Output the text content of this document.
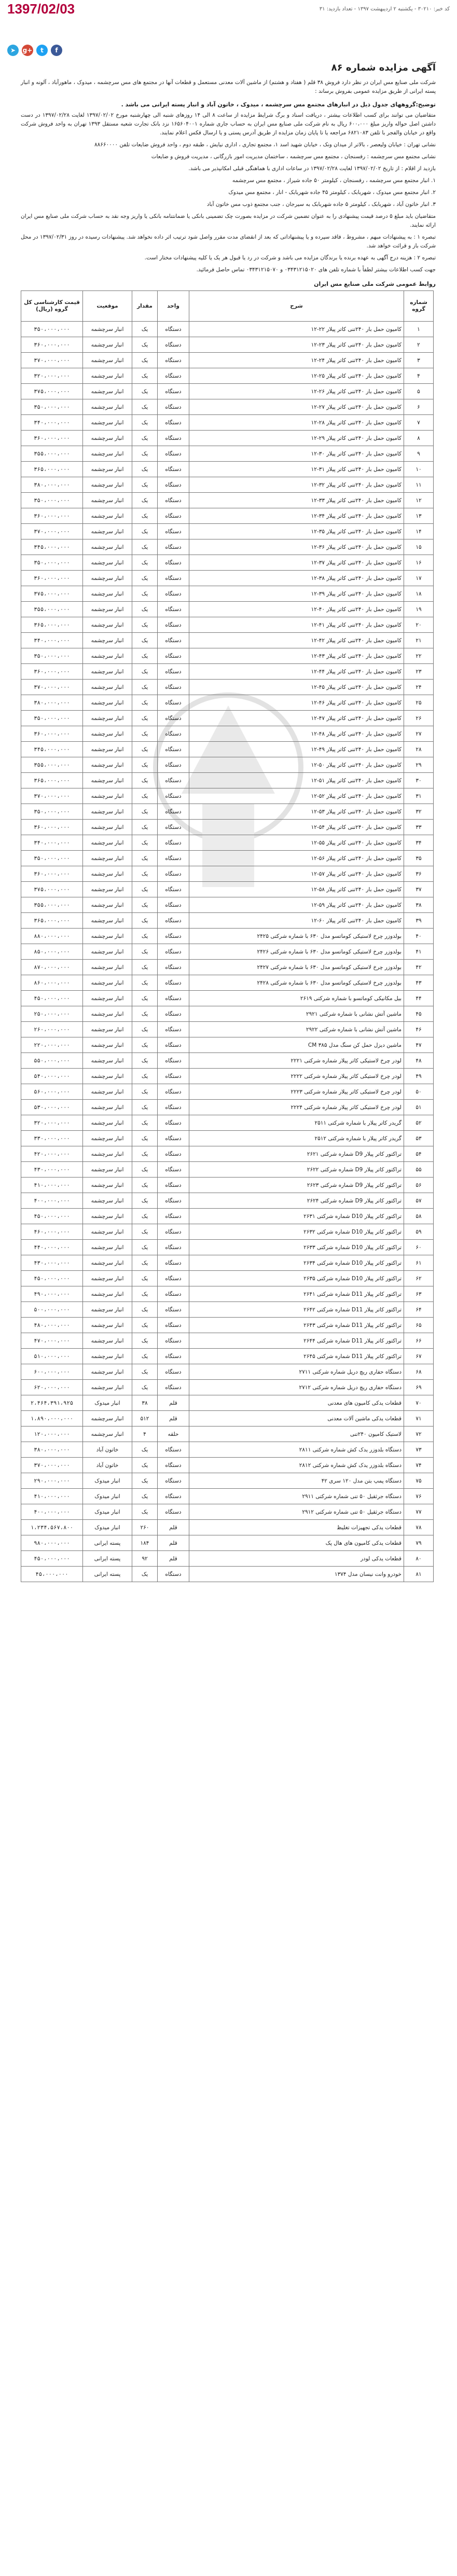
1397/02/03	کد خبر: ۳۰۲۱۰ - یکشنبه ۲ اردیبهشت ۱۳۹۷ - تعداد بازدید: ۳۱
➤	g+	t	f
آگهی مزایده شماره ۸۶

شرکت ملی صنایع مس ایران در نظر دارد فروش ۳۸ قلم ( هفتاد و هشتم) از ماشین آلات معدنی مستعمل و قطعات آنها در مجتمع های مس سرچشمه ، میدوک ، ماهورآباد ، آلونه و انبار پسته ایرانی از طریق مزایده عمومی بفروش برساند :

توضیح:گروههای جدول ذیل در انبارهای مجتمع مس سرچشمه ، میدوک ، خاتون آباد و انبار پسته ایرانی می باشد .

متقاضیان می توانند برای کسب اطلاعات بیشتر ، دریافت اسناد و برگ شرایط مزایده از ساعت ۸ الی ۱۴ روزهای شنبه الی چهارشنبه مورخ ۱۳۹۷/۰۲/۰۲ لغایت ۱۳۹۷/۰۲/۲۸ در دست داشتن اصل حواله واریز مبلغ ۶۰۰،۰۰۰ ریال به نام شرکت ملی صنایع مس ایران به حساب جاری شماره ۱۶۵۶۰۴۰۰۱ نزد بانک تجارت شعبه مستقل ۱۳۹۳ تهران به واحد فروش شرکت واقع در خیابان والفجر با تلفن ۶۸۲۱۰۸۳ مراجعه یا تا پایان زمان مزایده از طریق آدرس پستی و یا ارسال فکس اعلام نمایند.

نشانی تهران : خیابان ولیعصر ، بالاتر از میدان ونک ، خیابان شهید اسد ۱، مجتمع تجاری ، اداری نیایش ، طبقه دوم ، واحد فروش ضایعات تلفن ۸۸۶۶۰۰۰۰

نشانی مجتمع مس سرچشمه : رفسنجان ، مجتمع مس سرچشمه ، ساختمان مدیریت امور بازرگانی ، مدیریت فروش و ضایعات

بازدید از اقلام : از تاریخ ۱۳۹۷/۰۲/۰۲ لغایت ۱۳۹۷/۰۲/۲۸ در ساعات اداری با هماهنگی قبلی امکانپذیر می باشد.

۱. انبار مجتمع مس سرچشمه ، رفسنجان ، کیلومتر ۵۰ جاده شیراز ، مجتمع مس سرچشمه

۲. انبار مجتمع مس میدوک ، شهربابک ، کیلومتر ۴۵ جاده شهربابک - انار ، مجتمع مس میدوک

۳. انبار خاتون آباد ، شهربابک ، کیلومتر ۵ جاده شهربابک به سیرجان ، جنب مجتمع ذوب مس خاتون آباد

متقاضیان باید مبلغ ۵ درصد قیمت پیشنهادی را به عنوان تضمین شرکت در مزایده بصورت چک تضمینی بانکی یا ضمانتنامه بانکی یا واریز وجه نقد به حساب شرکت ملی صنایع مس ایران ارائه نمایند.

تبصره ۱ : به پیشنهادات مبهم ، مشروط ، فاقد سپرده و یا پیشنهاداتی که بعد از انقضای مدت مقرر واصل شود ترتیب اثر داده نخواهد شد. پیشنهادات رسیده در روز ۱۳۹۷/۰۲/۳۱ در محل شرکت باز و قرائت خواهد شد.

تبصره ۲ : هزینه درج آگهی به عهده برنده یا برندگان مزایده می باشد و شرکت در رد یا قبول هر یک یا کلیه پیشنهادات مختار است.

جهت کسب اطلاعات بیشتر لطفاً با شماره تلفن های ۰۳۴۳۱۲۱۵۰۲۰ و ۰۳۴۳۱۲۱۵۰۷۰ تماس حاصل فرمائید.

روابط عمومی شرکت ملی صنایع مس ایران
شماره گروه	شرح	واحد	مقدار	موقعیت	قیمت کارشناسی کل گروه (ریال)
۱	کامیون حمل بار ۲۴۰تنی کاتر پیلار ۲۲-۱۲	دستگاه	یک	انبار سرچشمه	۳۵۰،۰۰۰،۰۰۰
۲	کامیون حمل بار ۲۴۰تنی کاتر پیلار ۲۳-۱۲	دستگاه	یک	انبار سرچشمه	۳۶۰،۰۰۰،۰۰۰
۳	کامیون حمل بار ۲۴۰تنی کاتر پیلار ۲۴-۱۲	دستگاه	یک	انبار سرچشمه	۳۷۰،۰۰۰،۰۰۰
۴	کامیون حمل بار ۲۴۰تنی کاتر پیلار ۲۵-۱۲	دستگاه	یک	انبار سرچشمه	۳۲۰،۰۰۰،۰۰۰
۵	کامیون حمل بار ۲۴۰تنی کاتر پیلار ۲۶-۱۲	دستگاه	یک	انبار سرچشمه	۳۷۵،۰۰۰،۰۰۰
۶	کامیون حمل بار ۲۴۰تنی کاتر پیلار ۲۷-۱۲	دستگاه	یک	انبار سرچشمه	۳۵۰،۰۰۰،۰۰۰
۷	کامیون حمل بار ۲۴۰تنی کاتر پیلار ۲۸-۱۲	دستگاه	یک	انبار سرچشمه	۳۴۰،۰۰۰،۰۰۰
۸	کامیون حمل بار ۲۴۰تنی کاتر پیلار ۲۹-۱۲	دستگاه	یک	انبار سرچشمه	۳۶۰،۰۰۰،۰۰۰
۹	کامیون حمل بار ۲۴۰تنی کاتر پیلار ۳۰-۱۲	دستگاه	یک	انبار سرچشمه	۳۵۵،۰۰۰،۰۰۰
۱۰	کامیون حمل بار ۲۴۰تنی کاتر پیلار ۳۱-۱۲	دستگاه	یک	انبار سرچشمه	۳۶۵،۰۰۰،۰۰۰
۱۱	کامیون حمل بار ۲۴۰تنی کاتر پیلار ۳۲-۱۲	دستگاه	یک	انبار سرچشمه	۳۸۰،۰۰۰،۰۰۰
۱۲	کامیون حمل بار ۲۴۰تنی کاتر پیلار ۳۳-۱۲	دستگاه	یک	انبار سرچشمه	۳۵۰،۰۰۰،۰۰۰
۱۳	کامیون حمل بار ۲۴۰تنی کاتر پیلار ۳۴-۱۲	دستگاه	یک	انبار سرچشمه	۳۶۰،۰۰۰،۰۰۰
۱۴	کامیون حمل بار ۲۴۰تنی کاتر پیلار ۳۵-۱۲	دستگاه	یک	انبار سرچشمه	۳۷۰،۰۰۰،۰۰۰
۱۵	کامیون حمل بار ۲۴۰تنی کاتر پیلار ۳۶-۱۲	دستگاه	یک	انبار سرچشمه	۳۴۵،۰۰۰،۰۰۰
۱۶	کامیون حمل بار ۲۴۰تنی کاتر پیلار ۳۷-۱۲	دستگاه	یک	انبار سرچشمه	۳۵۰،۰۰۰،۰۰۰
۱۷	کامیون حمل بار ۲۴۰تنی کاتر پیلار ۳۸-۱۲	دستگاه	یک	انبار سرچشمه	۳۶۰،۰۰۰،۰۰۰
۱۸	کامیون حمل بار ۲۴۰تنی کاتر پیلار ۳۹-۱۲	دستگاه	یک	انبار سرچشمه	۳۷۵،۰۰۰،۰۰۰
۱۹	کامیون حمل بار ۲۴۰تنی کاتر پیلار ۴۰-۱۲	دستگاه	یک	انبار سرچشمه	۳۵۵،۰۰۰،۰۰۰
۲۰	کامیون حمل بار ۲۴۰تنی کاتر پیلار ۴۱-۱۲	دستگاه	یک	انبار سرچشمه	۳۶۵،۰۰۰،۰۰۰
۲۱	کامیون حمل بار ۲۴۰تنی کاتر پیلار ۴۲-۱۲	دستگاه	یک	انبار سرچشمه	۳۴۰،۰۰۰،۰۰۰
۲۲	کامیون حمل بار ۲۴۰تنی کاتر پیلار ۴۳-۱۲	دستگاه	یک	انبار سرچشمه	۳۵۰،۰۰۰،۰۰۰
۲۳	کامیون حمل بار ۲۴۰تنی کاتر پیلار ۴۴-۱۲	دستگاه	یک	انبار سرچشمه	۳۶۰،۰۰۰،۰۰۰
۲۴	کامیون حمل بار ۲۴۰تنی کاتر پیلار ۴۵-۱۲	دستگاه	یک	انبار سرچشمه	۳۷۰،۰۰۰،۰۰۰
۲۵	کامیون حمل بار ۲۴۰تنی کاتر پیلار ۴۶-۱۲	دستگاه	یک	انبار سرچشمه	۳۸۰،۰۰۰،۰۰۰
۲۶	کامیون حمل بار ۲۴۰تنی کاتر پیلار ۴۷-۱۲	دستگاه	یک	انبار سرچشمه	۳۵۰،۰۰۰،۰۰۰
۲۷	کامیون حمل بار ۲۴۰تنی کاتر پیلار ۴۸-۱۲	دستگاه	یک	انبار سرچشمه	۳۶۰،۰۰۰،۰۰۰
۲۸	کامیون حمل بار ۲۴۰تنی کاتر پیلار ۴۹-۱۲	دستگاه	یک	انبار سرچشمه	۳۴۵،۰۰۰،۰۰۰
۲۹	کامیون حمل بار ۲۴۰تنی کاتر پیلار ۵۰-۱۲	دستگاه	یک	انبار سرچشمه	۳۵۵،۰۰۰،۰۰۰
۳۰	کامیون حمل بار ۲۴۰تنی کاتر پیلار ۵۱-۱۲	دستگاه	یک	انبار سرچشمه	۳۶۵،۰۰۰،۰۰۰
۳۱	کامیون حمل بار ۲۴۰تنی کاتر پیلار ۵۲-۱۲	دستگاه	یک	انبار سرچشمه	۳۷۰،۰۰۰،۰۰۰
۳۲	کامیون حمل بار ۲۴۰تنی کاتر پیلار ۵۳-۱۲	دستگاه	یک	انبار سرچشمه	۳۵۰،۰۰۰،۰۰۰
۳۳	کامیون حمل بار ۲۴۰تنی کاتر پیلار ۵۴-۱۲	دستگاه	یک	انبار سرچشمه	۳۶۰،۰۰۰،۰۰۰
۳۴	کامیون حمل بار ۲۴۰تنی کاتر پیلار ۵۵-۱۲	دستگاه	یک	انبار سرچشمه	۳۴۰،۰۰۰،۰۰۰
۳۵	کامیون حمل بار ۲۴۰تنی کاتر پیلار ۵۶-۱۲	دستگاه	یک	انبار سرچشمه	۳۵۰،۰۰۰،۰۰۰
۳۶	کامیون حمل بار ۲۴۰تنی کاتر پیلار ۵۷-۱۲	دستگاه	یک	انبار سرچشمه	۳۶۰،۰۰۰،۰۰۰
۳۷	کامیون حمل بار ۲۴۰تنی کاتر پیلار ۵۸-۱۲	دستگاه	یک	انبار سرچشمه	۳۷۵،۰۰۰،۰۰۰
۳۸	کامیون حمل بار ۲۴۰تنی کاتر پیلار ۵۹-۱۲	دستگاه	یک	انبار سرچشمه	۳۵۵،۰۰۰،۰۰۰
۳۹	کامیون حمل بار ۲۴۰تنی کاتر پیلار ۶۰-۱۲	دستگاه	یک	انبار سرچشمه	۳۶۵،۰۰۰،۰۰۰
۴۰	بولدوزر چرخ لاستیکی کوماتسو مدل ۶۳۰ با شماره شرکتی ۲۴۲۵	دستگاه	یک	انبار سرچشمه	۸۸۰،۰۰۰،۰۰۰
۴۱	بولدوزر چرخ لاستیکی کوماتسو مدل ۶۳۰ با شماره شرکتی ۲۴۲۶	دستگاه	یک	انبار سرچشمه	۸۵۰،۰۰۰،۰۰۰
۴۲	بولدوزر چرخ لاستیکی کوماتسو مدل ۶۳۰ با شماره شرکتی ۲۴۲۷	دستگاه	یک	انبار سرچشمه	۸۷۰،۰۰۰،۰۰۰
۴۳	بولدوزر چرخ لاستیکی کوماتسو مدل ۶۳۰ با شماره شرکتی ۲۴۲۸	دستگاه	یک	انبار سرچشمه	۸۶۰،۰۰۰،۰۰۰
۴۴	بیل مکانیکی کوماتسو با شماره شرکتی ۲۶۱۹	دستگاه	یک	انبار سرچشمه	۴۵۰،۰۰۰،۰۰۰
۴۵	ماشین آتش نشانی با شماره شرکتی ۲۹۲۱	دستگاه	یک	انبار سرچشمه	۲۵۰،۰۰۰،۰۰۰
۴۶	ماشین آتش نشانی با شماره شرکتی ۲۹۲۲	دستگاه	یک	انبار سرچشمه	۲۶۰،۰۰۰،۰۰۰
۴۷	ماشین دیزل حمل کن سنگ مدل ۳۸۵ CM	دستگاه	یک	انبار سرچشمه	۲۲۰،۰۰۰،۰۰۰
۴۸	لودر چرخ لاستیکی کاتر پیلار شماره شرکتی ۲۲۲۱	دستگاه	یک	انبار سرچشمه	۵۵۰،۰۰۰،۰۰۰
۴۹	لودر چرخ لاستیکی کاتر پیلار شماره شرکتی ۲۲۲۲	دستگاه	یک	انبار سرچشمه	۵۴۰،۰۰۰،۰۰۰
۵۰	لودر چرخ لاستیکی کاتر پیلار شماره شرکتی ۲۲۲۳	دستگاه	یک	انبار سرچشمه	۵۶۰،۰۰۰،۰۰۰
۵۱	لودر چرخ لاستیکی کاتر پیلار شماره شرکتی ۲۲۲۴	دستگاه	یک	انبار سرچشمه	۵۳۰،۰۰۰،۰۰۰
۵۲	گریدر کاتر پیلار با شماره شرکتی ۲۵۱۱	دستگاه	یک	انبار سرچشمه	۳۲۰،۰۰۰،۰۰۰
۵۳	گریدر کاتر پیلار با شماره شرکتی ۲۵۱۲	دستگاه	یک	انبار سرچشمه	۳۳۰،۰۰۰،۰۰۰
۵۴	تراکتور کاتر پیلار D9 شماره شرکتی ۲۶۲۱	دستگاه	یک	انبار سرچشمه	۴۲۰،۰۰۰،۰۰۰
۵۵	تراکتور کاتر پیلار D9 شماره شرکتی ۲۶۲۲	دستگاه	یک	انبار سرچشمه	۴۳۰،۰۰۰،۰۰۰
۵۶	تراکتور کاتر پیلار D9 شماره شرکتی ۲۶۲۳	دستگاه	یک	انبار سرچشمه	۴۱۰،۰۰۰،۰۰۰
۵۷	تراکتور کاتر پیلار D9 شماره شرکتی ۲۶۲۴	دستگاه	یک	انبار سرچشمه	۴۰۰،۰۰۰،۰۰۰
۵۸	تراکتور کاتر پیلار D10 شماره شرکتی ۲۶۳۱	دستگاه	یک	انبار سرچشمه	۴۵۰،۰۰۰،۰۰۰
۵۹	تراکتور کاتر پیلار D10 شماره شرکتی ۲۶۳۲	دستگاه	یک	انبار سرچشمه	۴۶۰،۰۰۰،۰۰۰
۶۰	تراکتور کاتر پیلار D10 شماره شرکتی ۲۶۳۳	دستگاه	یک	انبار سرچشمه	۴۴۰،۰۰۰،۰۰۰
۶۱	تراکتور کاتر پیلار D10 شماره شرکتی ۲۶۳۴	دستگاه	یک	انبار سرچشمه	۴۳۰،۰۰۰،۰۰۰
۶۲	تراکتور کاتر پیلار D10 شماره شرکتی ۲۶۳۵	دستگاه	یک	انبار سرچشمه	۴۵۰،۰۰۰،۰۰۰
۶۳	تراکتور کاتر پیلار D11 شماره شرکتی ۲۶۴۱	دستگاه	یک	انبار سرچشمه	۴۹۰،۰۰۰،۰۰۰
۶۴	تراکتور کاتر پیلار D11 شماره شرکتی ۲۶۴۲	دستگاه	یک	انبار سرچشمه	۵۰۰،۰۰۰،۰۰۰
۶۵	تراکتور کاتر پیلار D11 شماره شرکتی ۲۶۴۳	دستگاه	یک	انبار سرچشمه	۴۸۰،۰۰۰،۰۰۰
۶۶	تراکتور کاتر پیلار D11 شماره شرکتی ۲۶۴۴	دستگاه	یک	انبار سرچشمه	۴۷۰،۰۰۰،۰۰۰
۶۷	تراکتور کاتر پیلار D11 شماره شرکتی ۲۶۴۵	دستگاه	یک	انبار سرچشمه	۵۱۰،۰۰۰،۰۰۰
۶۸	دستگاه حفاری ریچ دریل شماره شرکتی ۲۷۱۱	دستگاه	یک	انبار سرچشمه	۶۰۰،۰۰۰،۰۰۰
۶۹	دستگاه حفاری ریچ دریل شماره شرکتی ۲۷۱۲	دستگاه	یک	انبار سرچشمه	۶۲۰،۰۰۰،۰۰۰
۷۰	قطعات یدکی کامیون های معدنی	قلم	۳۸	انبار میدوک	۲،۴۶۴،۳۹۱،۹۲۵
۷۱	قطعات یدکی ماشین آلات معدنی	قلم	۵۱۲	انبار سرچشمه	۱،۸۹۰،۰۰۰،۰۰۰
۷۲	لاستیک کامیون ۲۴۰تنی	حلقه	۴	انبار سرچشمه	۱۲۰،۰۰۰،۰۰۰
۷۳	دستگاه بلدوزر یدک کش شماره شرکتی ۲۸۱۱	دستگاه	یک	خاتون آباد	۳۸۰،۰۰۰،۰۰۰
۷۴	دستگاه بلدوزر یدک کش شماره شرکتی ۲۸۱۲	دستگاه	یک	خاتون آباد	۳۷۰،۰۰۰،۰۰۰
۷۵	دستگاه پمپ بتن مدل ۱۲۰ سری ۴۲	دستگاه	یک	انبار میدوک	۲۹۰،۰۰۰،۰۰۰
۷۶	دستگاه جرثقیل ۵۰ تنی شماره شرکتی ۲۹۱۱	دستگاه	یک	انبار میدوک	۴۱۰،۰۰۰،۰۰۰
۷۷	دستگاه جرثقیل ۵۰ تنی شماره شرکتی ۲۹۱۲	دستگاه	یک	انبار میدوک	۴۰۰،۰۰۰،۰۰۰
۷۸	قطعات یدکی تجهیزات تغلیظ	قلم	۲۶۰	انبار میدوک	۱،۲۳۴،۵۶۷،۸۰۰
۷۹	قطعات یدکی کامیون های هال پک	قلم	۱۸۴	پسته ایرانی	۹۸۰،۰۰۰،۰۰۰
۸۰	قطعات یدکی لودر	قلم	۹۲	پسته ایرانی	۴۵۰،۰۰۰،۰۰۰
۸۱	خودرو وانت نیسان مدل ۱۳۷۴	دستگاه	یک	پسته ایرانی	۴۵،۰۰۰،۰۰۰
